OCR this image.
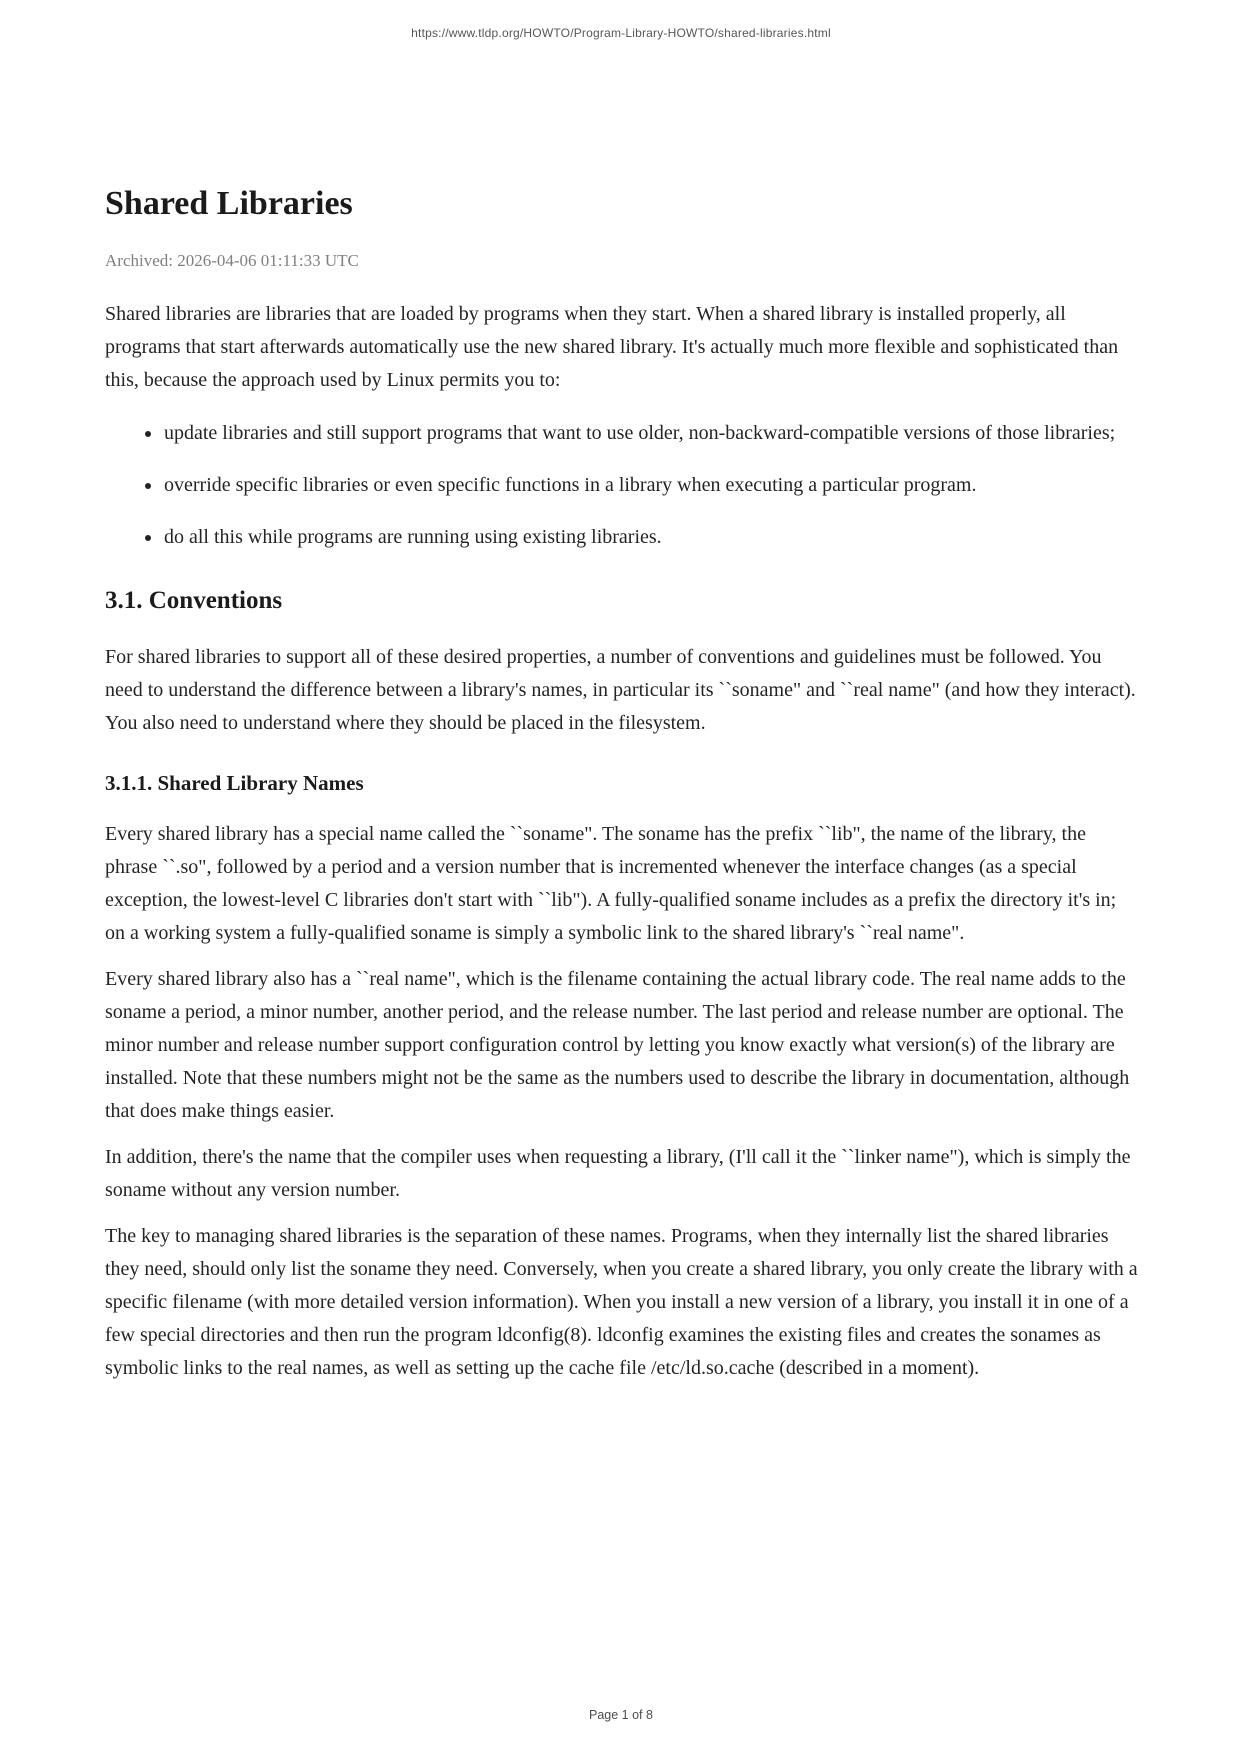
https://www.tldp.org/HOWTO/Program-Library-HOWTO/shared-libraries.html
Shared Libraries
Archived: 2026-04-06 01:11:33 UTC

Shared libraries are libraries that are loaded by programs when they start. When a shared library is installed properly, all programs that start afterwards automatically use the new shared library. It's actually much more flexible and sophisticated than this, because the approach used by Linux permits you to:

• update libraries and still support programs that want to use older, non-backward-compatible versions of those libraries;
• override specific libraries or even specific functions in a library when executing a particular program.
• do all this while programs are running using existing libraries.
3.1. Conventions

For shared libraries to support all of these desired properties, a number of conventions and guidelines must be followed. You need to understand the difference between a library's names, in particular its ``soname" and ``real name" (and how they interact). You also need to understand where they should be placed in the filesystem.

3.1.1. Shared Library Names

Every shared library has a special name called the ``soname". The soname has the prefix ``lib", the name of the library, the phrase ``.so", followed by a period and a version number that is incremented whenever the interface changes (as a special exception, the lowest-level C libraries don't start with ``lib"). A fully-qualified soname includes as a prefix the directory it's in; on a working system a fully-qualified soname is simply a symbolic link to the shared library's ``real name".

Every shared library also has a ``real name", which is the filename containing the actual library code. The real name adds to the soname a period, a minor number, another period, and the release number. The last period and release number are optional. The minor number and release number support configuration control by letting you know exactly what version(s) of the library are installed. Note that these numbers might not be the same as the numbers used to describe the library in documentation, although that does make things easier.

In addition, there's the name that the compiler uses when requesting a library, (I'll call it the ``linker name"), which is simply the soname without any version number.

The key to managing shared libraries is the separation of these names. Programs, when they internally list the shared libraries they need, should only list the soname they need. Conversely, when you create a shared library, you only create the library with a specific filename (with more detailed version information). When you install a new version of a library, you install it in one of a few special directories and then run the program ldconfig(8). ldconfig examines the existing files and creates the sonames as symbolic links to the real names, as well as setting up the cache file /etc/ld.so.cache (described in a moment).

Page 1 of 8
